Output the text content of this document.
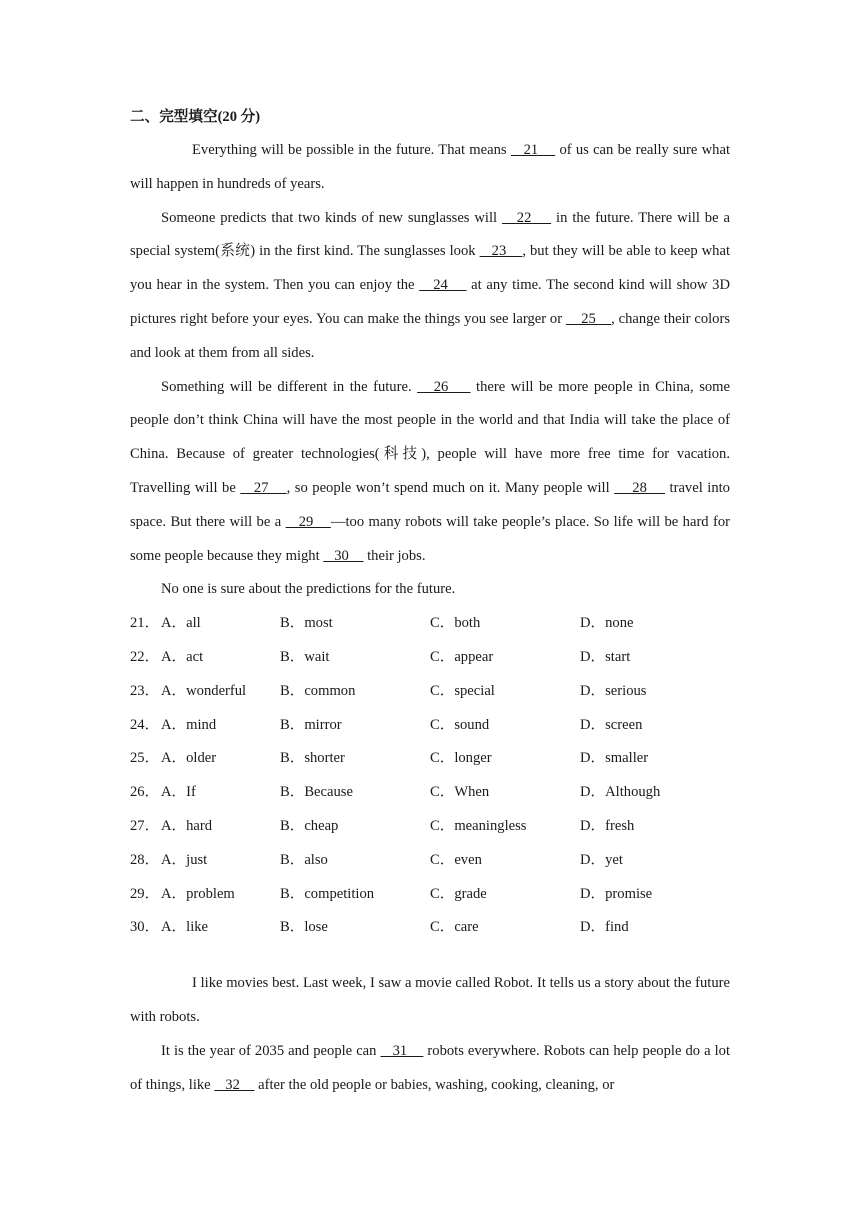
二、完型填空(20 分)

Everything will be possible in the future. That means    21     of us can be really sure what will happen in hundreds of years.

Someone predicts that two kinds of new sunglasses will    22     in the future. There will be a special system(系统) in the first kind. The sunglasses look    23    , but they will be able to keep what you hear in the system. Then you can enjoy the    24     at any time. The second kind will show 3D pictures right before your eyes. You can make the things you see larger or     25    , change their colors and look at them from all sides.

Something will be different in the future.    26     there will be more people in China, some people don’t think China will have the most people in the world and that India will take the place of China. Because of greater technologies(科技), people will have more free time for vacation. Travelling will be    27    , so people won’t spend much on it. Many people will     28     travel into space. But there will be a    29    —too many robots will take people’s place. So life will be hard for some people because they might    30     their jobs.

No one is sure about the predictions for the future.

21． A．all	B．most	C．both	D．none
22． A．act	B．wait	C．appear	D．start
23． A．wonderful	B．common	C．special	D．serious
24． A．mind	B．mirror	C．sound	D．screen
25． A．older	B．shorter	C．longer	D．smaller
26． A．If	B．Because	C．When	D．Although
27． A．hard	B．cheap	C．meaningless	D．fresh
28． A．just	B．also	C．even	D．yet
29． A．problem	B．competition	C．grade	D．promise
30． A．like	B．lose	C．care	D．find

I like movies best. Last week, I saw a movie called Robot. It tells us a story about the future with robots.

It is the year of 2035 and people can    31     robots everywhere. Robots can help people do a lot of things, like    32     after the old people or babies, washing, cooking, cleaning, or
